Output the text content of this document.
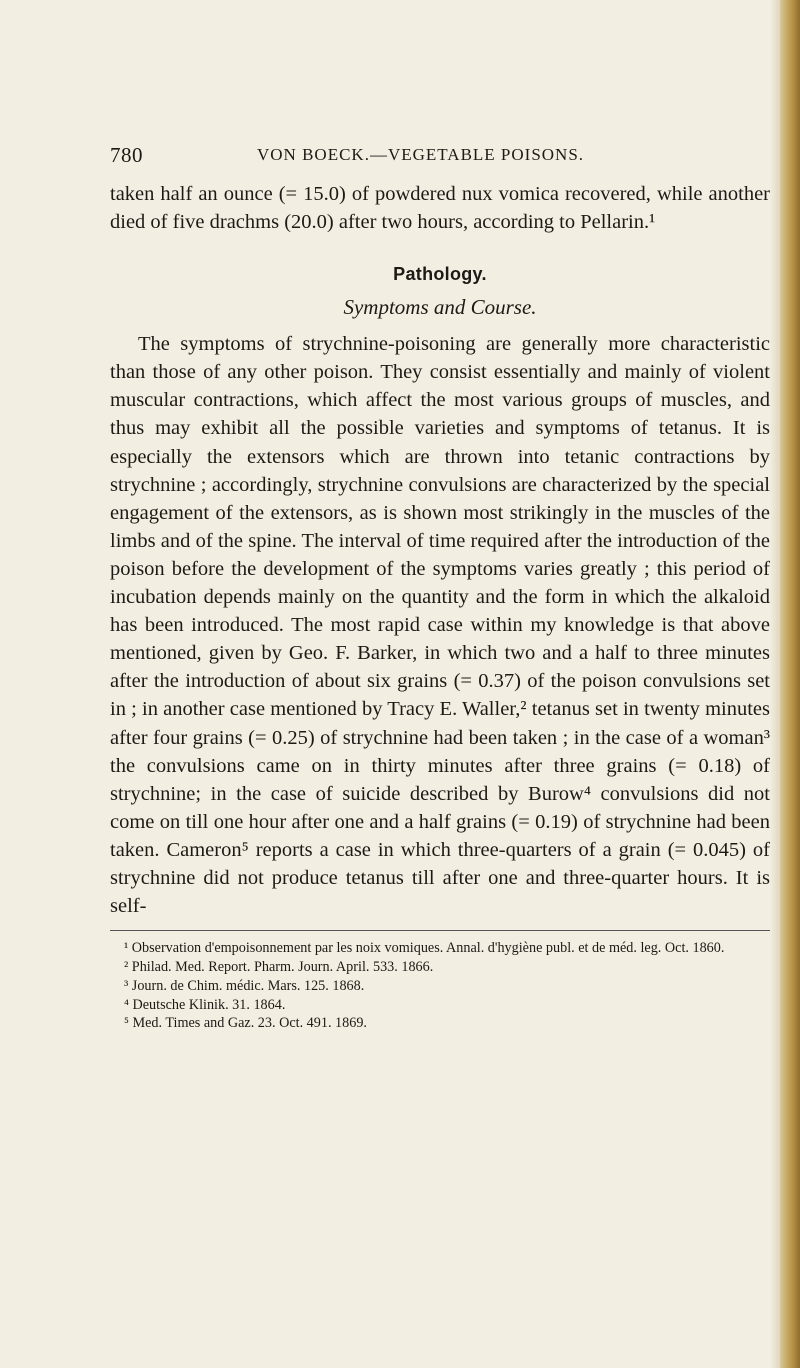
780	VON BOECK.—VEGETABLE POISONS.

taken half an ounce (= 15.0) of powdered nux vomica recovered, while another died of five drachms (20.0) after two hours, according to Pellarin.¹

Pathology.
Symptoms and Course.

The symptoms of strychnine-poisoning are generally more characteristic than those of any other poison. They consist essentially and mainly of violent muscular contractions, which affect the most various groups of muscles, and thus may exhibit all the possible varieties and symptoms of tetanus. It is especially the extensors which are thrown into tetanic contractions by strychnine ; accordingly, strychnine convulsions are characterized by the special engagement of the extensors, as is shown most strikingly in the muscles of the limbs and of the spine. The interval of time required after the introduction of the poison before the development of the symptoms varies greatly ; this period of incubation depends mainly on the quantity and the form in which the alkaloid has been introduced. The most rapid case within my knowledge is that above mentioned, given by Geo. F. Barker, in which two and a half to three minutes after the introduction of about six grains (= 0.37) of the poison convulsions set in ; in another case mentioned by Tracy E. Waller,² tetanus set in twenty minutes after four grains (= 0.25) of strychnine had been taken ; in the case of a woman³ the convulsions came on in thirty minutes after three grains (= 0.18) of strychnine; in the case of suicide described by Burow⁴ convulsions did not come on till one hour after one and a half grains (= 0.19) of strychnine had been taken. Cameron⁵ reports a case in which three-quarters of a grain (= 0.045) of strychnine did not produce tetanus till after one and three-quarter hours. It is self-

¹ Observation d'empoisonnement par les noix vomiques. Annal. d'hygiène publ. et de méd. leg. Oct. 1860.

² Philad. Med. Report. Pharm. Journ. April. 533. 1866.

³ Journ. de Chim. médic. Mars. 125. 1868.

⁴ Deutsche Klinik. 31. 1864.

⁵ Med. Times and Gaz. 23. Oct. 491. 1869.
